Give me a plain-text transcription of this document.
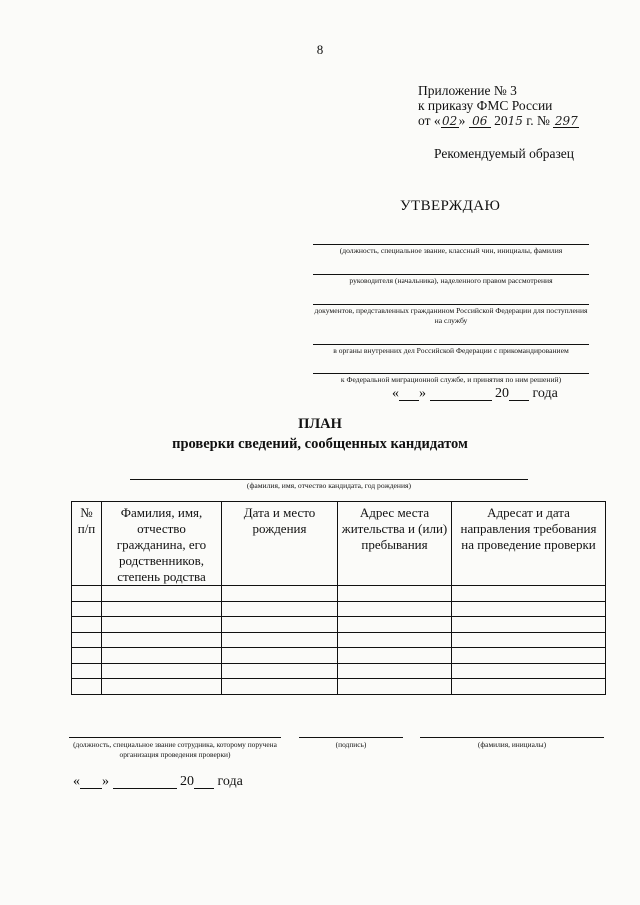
8
Приложение № 3
к приказу ФМС России
от «02» 06 2015 г. № 297
Рекомендуемый образец
УТВЕРЖДАЮ
(должность, специальное звание, классный чин, инициалы, фамилия
руководителя (начальника), наделенного правом рассмотрения
документов, представленных гражданином Российской Федерации для поступления на службу
в органы внутренних дел Российской Федерации с прикомандированием
к Федеральной миграционной службе, и принятия по ним решений)
« »	20 года
ПЛАН
проверки сведений, сообщенных кандидатом
(фамилия, имя, отчество кандидата, год рождения)
№ п/п	Фамилия, имя, отчество гражданина, его родственников, степень родства	Дата и место рождения	Адрес места жительства и (или) пребывания	Адресат и дата направления требования на проведение проверки

(должность, специальное звание сотрудника, которому поручена организация проведения проверки)
(подпись)	(фамилия, инициалы)
« »	20 года
